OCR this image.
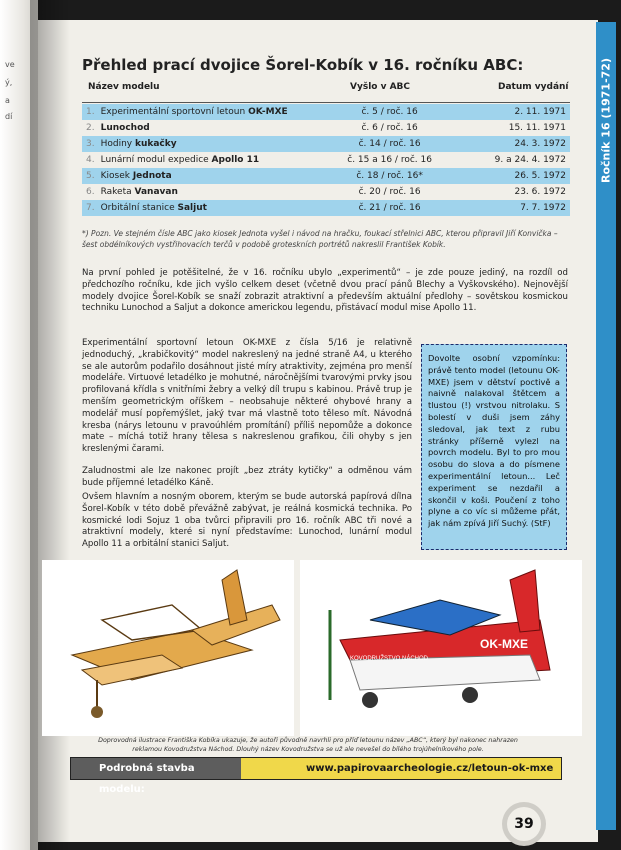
ve
ý,
a
dí	Ročník 16 (1971-72)
Přehled prací dvojice Šorel-Kobík v 16. ročníku ABC:
Název modelu	Vyšlo v ABC	Datum vydání
1. Experimentální sportovní letoun OK-MXE	č. 5 / roč. 16	2. 11. 1971
2. Lunochod	č. 6 / roč. 16	15. 11. 1971
3. Hodiny kukačky	č. 14 / roč. 16	24. 3. 1972
4. Lunární modul expedice Apollo 11	č. 15 a 16 / roč. 16	9. a 24. 4. 1972
5. Kiosek Jednota	č. 18 / roč. 16*	26. 5. 1972
6. Raketa Vanavan	č. 20 / roč. 16	23. 6. 1972
7. Orbitální stanice Saljut	č. 21 / roč. 16	7. 7. 1972
*) Pozn. Ve stejném čísle ABC jako kiosek Jednota vyšel i návod na hračku, foukací střelnici ABC, kterou připravil Jiří Konvička – šest obdélníkových vystřihovacích terčů v podobě groteskních portrétů nakreslil František Kobík.
Na první pohled je potěšitelné, že v 16. ročníku ubylo „experimentů“ – je zde pouze jediný, na rozdíl od předchozího ročníku, kde jich vyšlo celkem deset (včetně dvou prací pánů Blechy a Vyškovského). Nejnovější modely dvojice Šorel-Kobík se snaží zobrazit atraktivní a především aktuální předlohy – sovětskou kosmickou techniku Lunochod a Saljut a dokonce americkou legendu, přistávací modul mise Apollo 11.
Experimentální sportovní letoun OK-MXE z čísla 5/16 je relativně jednoduchý, „krabičkovitý“ model nakreslený na jedné straně A4, u kterého se ale autorům podařilo dosáhnout jisté míry atraktivity, zejména pro menší modeláře. Virtuové letadélko je mohutné, náročnějšími tvarovými prvky jsou profilovaná křídla s vnitřními žebry a velký díl trupu s kabinou. Právě trup je menším geometrickým oříškem – neobsahuje některé ohybové hrany a modelář musí popřemýšlet, jaký tvar má vlastně toto těleso mít. Návodná kresba (nárys letounu v pravoúhlém promítání) příliš nepomůže a dokonce mate – míchá totiž hrany tělesa s nakreslenou grafikou, čili ohyby s jen kreslenými čarami.
Zaludnostmi ale lze nakonec projít „bez ztráty kytičky“ a odměnou vám bude příjemné letadélko Káně.
Ovšem hlavním a nosným oborem, kterým se bude autorská papírová dílna Šorel-Kobík v této době převážně zabývat, je reálná kosmická technika. Po kosmické lodi Sojuz 1 oba tvůrci připravili pro 16. ročník ABC tři nové a atraktivní modely, které si nyní představíme: Lunochod, lunární modul Apollo 11 a orbitální stanici Saljut.
Dovolte osobní vzpomínku: právě tento model (letounu OK-MXE) jsem v dětství poctivě a naivně nalakoval štětcem a tlustou (!) vrstvou nitrolaku. S bolestí v duši jsem záhy sledoval, jak text z rubu stránky příšerně vylezl na povrch modelu. Byl to pro mou osobu do slova a do písmene experimentální letoun... Leč experiment se nezdařil a skončil v koši. Poučení z toho plyne a co víc si můžeme přát, jak nám zpívá Jiří Suchý. (StF)
OK-MXE
KOVODRUŽSTVO NÁCHOD
Doprovodná ilustrace Františka Kobíka ukazuje, že autoři původně navrhli pro příď letounu název „ABC“, který byl nakonec nahrazen reklamou Kovodružstva Náchod. Dlouhý název Kovodružstva se už ale nevešel do bílého trojúhelníkového pole.
Podrobná stavba modelu:
www.papirovaarcheologie.cz/letoun-ok-mxe
39
